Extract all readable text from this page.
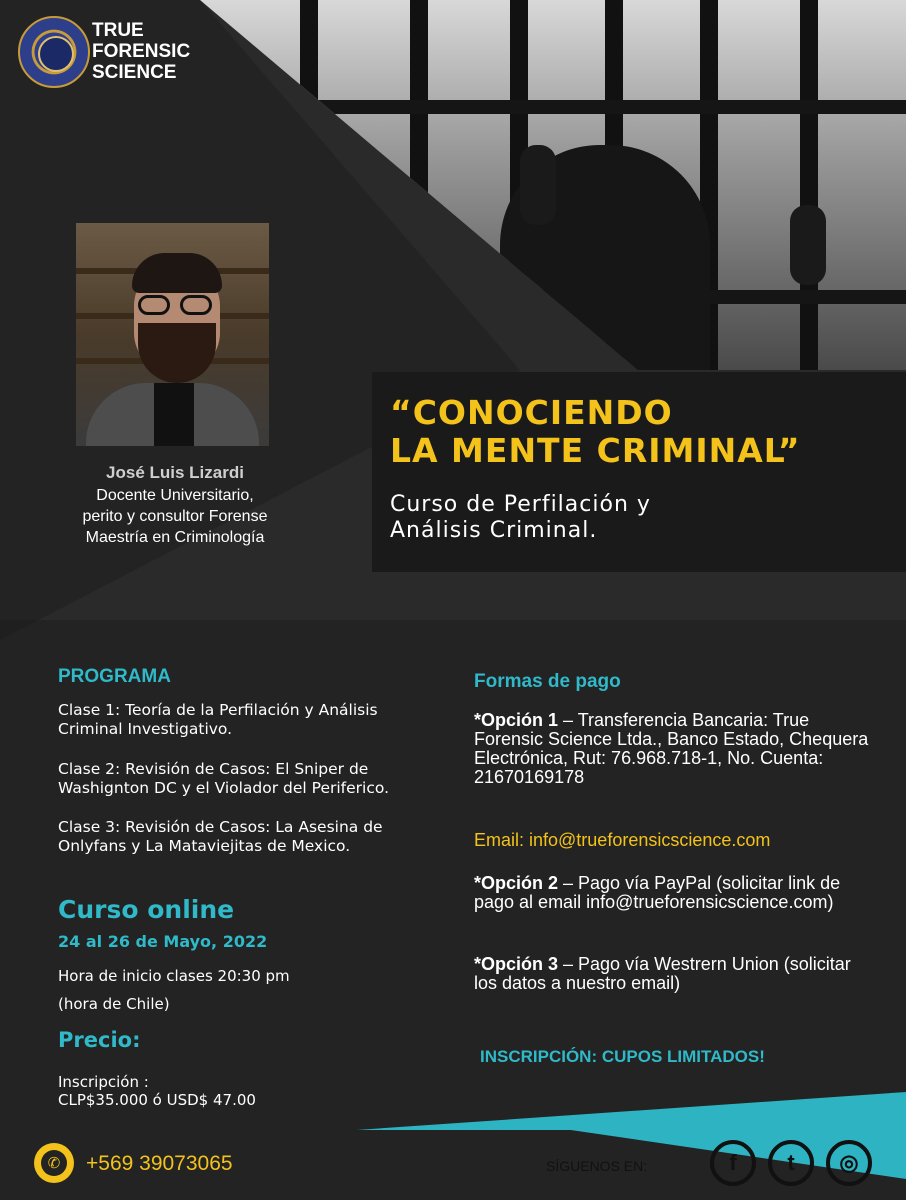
TRUE
FORENSIC
SCIENCE
José Luis Lizardi
Docente Universitario,
perito y consultor Forense
Maestría en Criminología
“CONOCIENDO
LA MENTE CRIMINAL”
Curso de Perfilación y
Análisis Criminal.
PROGRAMA
Clase 1: Teoría de la Perfilación y Análisis Criminal Investigativo.
Clase 2: Revisión de Casos: El Sniper de Washignton DC y el Violador del Periferico.
Clase 3: Revisión de Casos: La Asesina de Onlyfans y La Mataviejitas de Mexico.
Curso online
24 al 26 de Mayo, 2022
Hora de inicio clases 20:30 pm
(hora de Chile)
Precio:
Inscripción :
CLP$35.000 ó USD$ 47.00
Formas de pago
*Opción 1 – Transferencia Bancaria: True Forensic Science Ltda., Banco Estado, Chequera Electrónica, Rut: 76.968.718-1, No. Cuenta: 21670169178
Email: info@trueforensicscience.com
*Opción 2 – Pago vía PayPal (solicitar link de pago al email info@trueforensicscience.com)
*Opción 3 – Pago vía Westrern Union (solicitar los datos a nuestro email)
INSCRIPCIÓN: CUPOS LIMITADOS!
✆	+569 39073065	SÍGUENOS EN:	f t ◎
